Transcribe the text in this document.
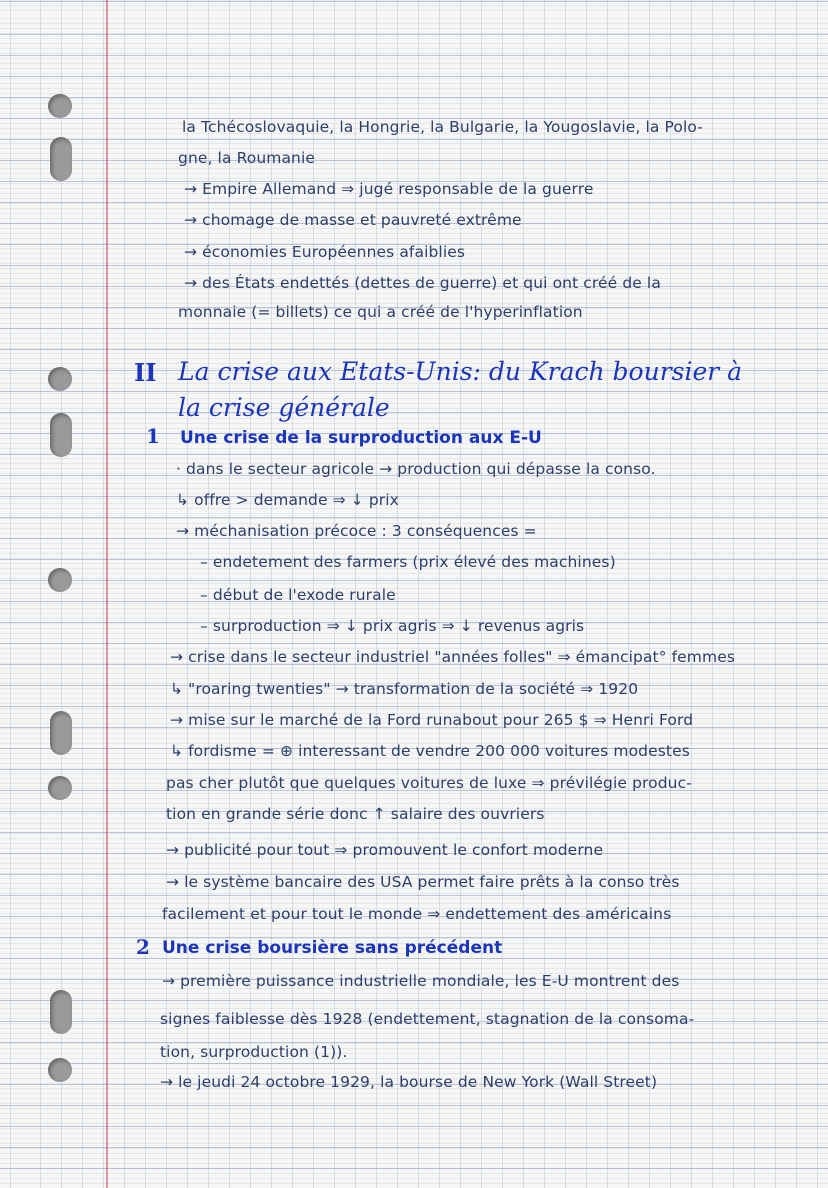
la Tchécoslovaquie, la Hongrie, la Bulgarie, la Yougoslavie, la Polo-
gne, la Roumanie
→ Empire Allemand ⇒ jugé responsable de la guerre
→ chomage de masse et pauvreté extrême
→ économies Européennes afaiblies
→ des États endettés (dettes de guerre) et qui ont créé de la
monnaie (= billets) ce qui a créé de l'hyperinflation
II La crise aux Etats-Unis: du Krach boursier à
la crise générale
1 Une crise de la surproduction aux E-U
· dans le secteur agricole → production qui dépasse la conso.
↳ offre > demande ⇒ ↓ prix
→ méchanisation précoce : 3 conséquences =
– endetement des farmers (prix élevé des machines)
– début de l'exode rurale
– surproduction ⇒ ↓ prix agris ⇒ ↓ revenus agris
→ crise dans le secteur industriel "années folles" ⇒ émancipat° femmes
↳ "roaring twenties" → transformation de la société ⇒ 1920
→ mise sur le marché de la Ford runabout pour 265 $ ⇒ Henri Ford
↳ fordisme = ⊕ interessant de vendre 200 000 voitures modestes
pas cher plutôt que quelques voitures de luxe ⇒ prévilégie produc-
tion en grande série donc ↑ salaire des ouvriers
→ publicité pour tout ⇒ promouvent le confort moderne
→ le système bancaire des USA permet faire prêts à la conso très
facilement et pour tout le monde ⇒ endettement des américains
2 Une crise boursière sans précédent
→ première puissance industrielle mondiale, les E-U montrent des
signes faiblesse dès 1928 (endettement, stagnation de la consoma-
tion, surproduction (1)).
→ le jeudi 24 octobre 1929, la bourse de New York (Wall Street)
